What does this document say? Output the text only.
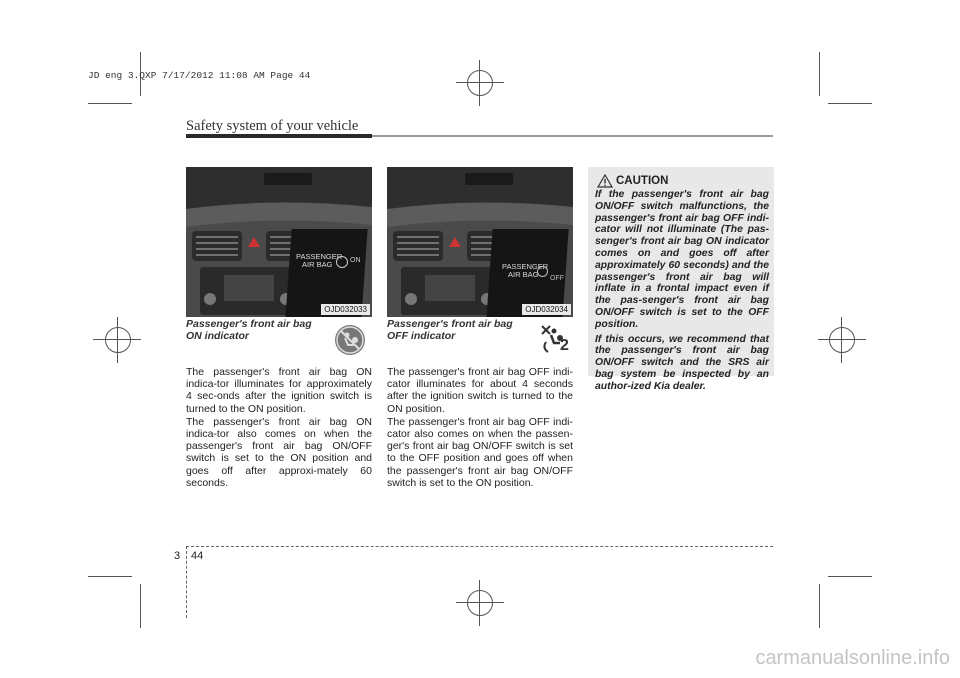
JD eng 3.QXP 7/17/2012 11:08 AM Page 44
Safety system of your vehicle
PASSENGER
AIR BAG	ON
OJD032033
PASSENGER
AIR BAG	OFF
OJD032034
Passenger's front air bag
ON indicator
Passenger's front air bag
OFF indicator
2

The passenger's front air bag ON indica-tor illuminates for approximately 4 sec-onds after the ignition switch is turned to the ON position.

The passenger's front air bag ON indica-tor also comes on when the passenger's front air bag ON/OFF switch is set to the ON position and goes off after approxi-mately 60 seconds.

The passenger's front air bag OFF indi-cator illuminates for about 4 seconds after the ignition switch is turned to the ON position.

The passenger's front air bag OFF indi-cator also comes on when the passen-ger's front air bag ON/OFF switch is set to the OFF position and goes off when the passenger's front air bag ON/OFF switch is set to the ON position.

CAUTION

If the passenger's front air bag ON/OFF switch malfunctions, the passenger's front air bag OFF indi-cator will not illuminate (The pas-senger's front air bag ON indicator comes on and goes off after approximately 60 seconds) and the passenger's front air bag will inflate in a frontal impact even if the pas-senger's front air bag ON/OFF switch is set to the OFF position.

If this occurs, we recommend that the passenger's front air bag ON/OFF switch and the SRS air bag system be inspected by an author-ized Kia dealer.

3 44
carmanualsonline.info
